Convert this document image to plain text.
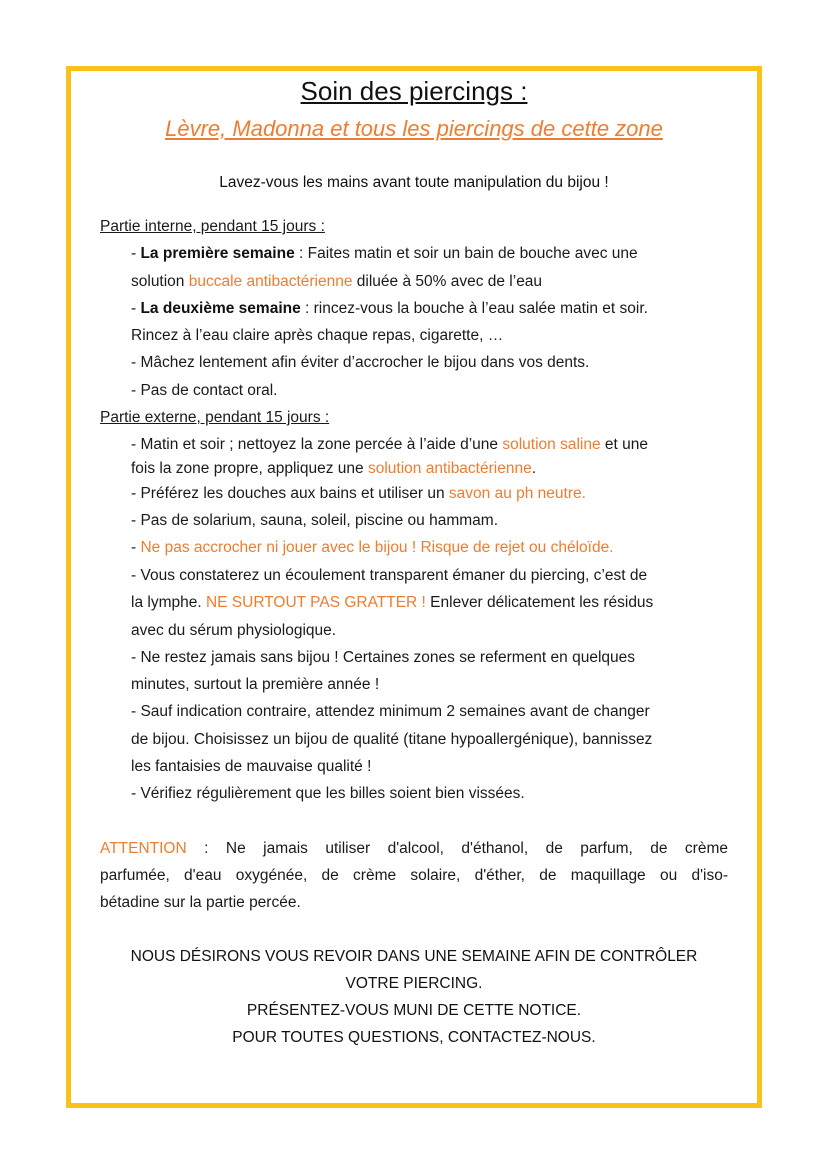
Soin des piercings :
Lèvre, Madonna et tous les piercings de cette zone
Lavez-vous les mains avant toute manipulation du bijou !
Partie interne, pendant 15 jours :
- La première semaine : Faites matin et soir un bain de bouche avec une
solution buccale antibactérienne diluée à 50% avec de l’eau
- La deuxième semaine : rincez-vous la bouche à l’eau salée matin et soir.
Rincez à l’eau claire après chaque repas, cigarette, …
- Mâchez lentement afin éviter d’accrocher le bijou dans vos dents.
- Pas de contact oral.
Partie externe, pendant 15 jours :
- Matin et soir ; nettoyez la zone percée à l’aide d’une solution saline et une
fois la zone propre, appliquez une solution antibactérienne.
- Préférez les douches aux bains et utiliser un savon au ph neutre.
- Pas de solarium, sauna, soleil, piscine ou hammam.
- Ne pas accrocher ni jouer avec le bijou ! Risque de rejet ou chéloïde.
- Vous constaterez un écoulement transparent émaner du piercing, c’est de
la lymphe. NE SURTOUT PAS GRATTER ! Enlever délicatement les résidus
avec du sérum physiologique.
- Ne restez jamais sans bijou ! Certaines zones se referment en quelques
minutes, surtout la première année !
- Sauf indication contraire, attendez minimum 2 semaines avant de changer
de bijou. Choisissez un bijou de qualité (titane hypoallergénique), bannissez
les fantaisies de mauvaise qualité !
- Vérifiez régulièrement que les billes soient bien vissées.
ATTENTION : Ne jamais utiliser d'alcool, d'éthanol, de parfum, de crème
parfumée, d'eau oxygénée, de crème solaire, d'éther, de maquillage ou d'iso-
bétadine sur la partie percée.
NOUS DÉSIRONS VOUS REVOIR DANS UNE SEMAINE AFIN DE CONTRÔLER
VOTRE PIERCING.
PRÉSENTEZ-VOUS MUNI DE CETTE NOTICE.
POUR TOUTES QUESTIONS, CONTACTEZ-NOUS.
